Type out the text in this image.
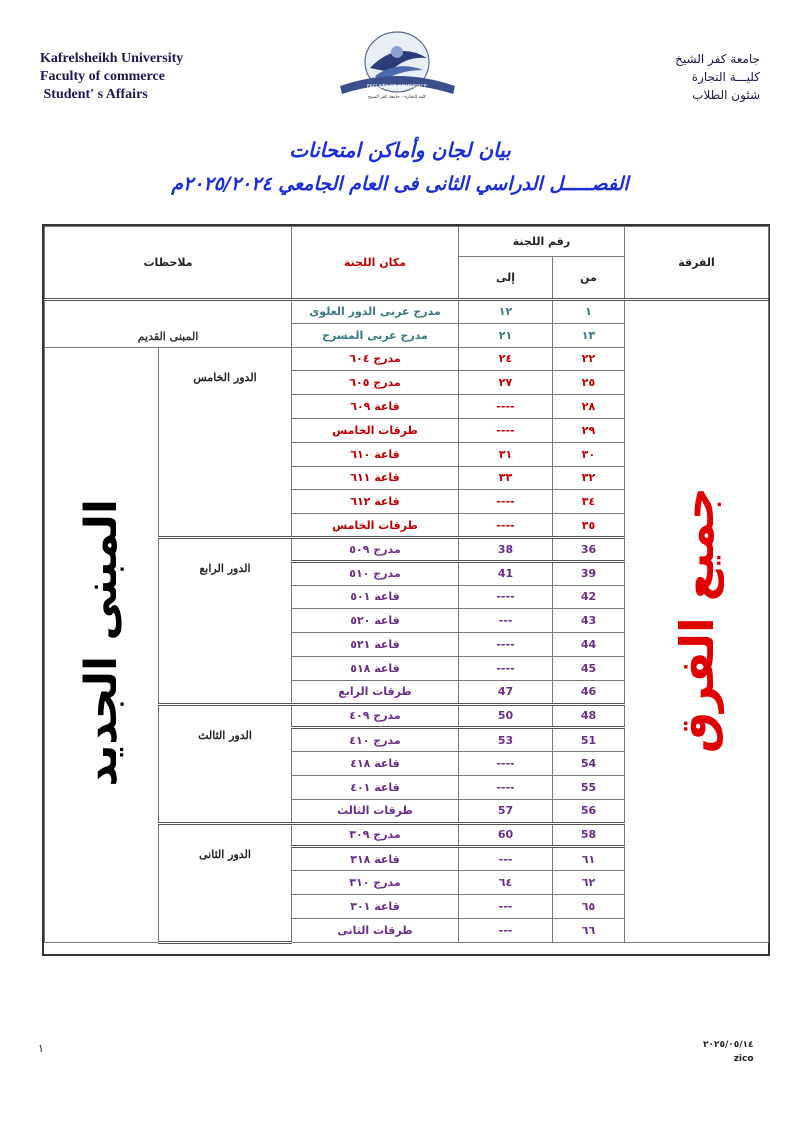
Kafrelsheikh University
Faculty of commerce
Student' s Affairs	FACULTY OF COMMERCE
كلية التجارة - جامعة كفر الشيخ
جامعة كفر الشيخ
كليـــة التجارة
شئون الطلاب
بيان لجان وأماكن امتحانات
الفصـــــل الدراسي الثانى فى العام الجامعي ٢٠٢٥/٢٠٢٤م
ملاحظات		مكان اللجنة	رقم اللجنة		الفرقة
			إلى	من	
المبنى القديم		مدرج عربى الدور العلوى	١٢	١	جميع الفرق
		مدرج عربى المسرح	٢١	١٣	
المبنى الجديد	الدور الخامس	مدرج ٦٠٤	٢٤	٢٢	
		مدرج ٦٠٥	٢٧	٢٥	
		قاعة ٦٠٩	----	٢٨	
		طرقات الخامس	----	٢٩	
		قاعة ٦١٠	٣١	٣٠	
		قاعة ٦١١	٣٣	٣٢	
		قاعة ٦١٢	----	٣٤	
		طرقات الخامس	----	٣٥	
	الدور الرابع	مدرج ٥٠٩	38	36	
		مدرج ٥١٠	41	39	
		قاعة ٥٠١	----	42	
		قاعة ٥٢٠	---	43	
		قاعة ٥٢١	----	44	
		قاعة ٥١٨	----	45	
		طرقات الرابع	47	46	
	الدور الثالث	مدرج ٤٠٩	50	48	
		مدرج ٤١٠	53	51	
		قاعة ٤١٨	----	54	
		قاعة ٤٠١	----	55	
		طرقات الثالث	57	56	
	الدور الثانى	مدرج ٣٠٩	60	58	
		قاعة ٣١٨	---	٦١	
		مدرج ٣١٠	٦٤	٦٢	
		قاعة ٣٠١	---	٦٥	
		طرقات الثانى	---	٦٦	
١	٢٠٢٥/٠٥/١٤
zico
